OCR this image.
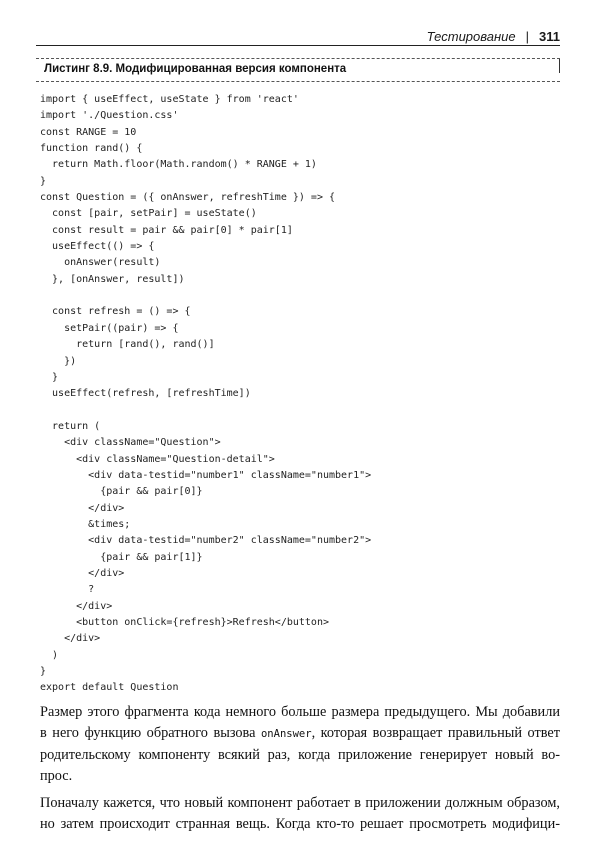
Тестирование | 311
Листинг 8.9. Модифицированная версия компонента
import { useEffect, useState } from 'react'
import './Question.css'
const RANGE = 10
function rand() {
return Math.floor(Math.random() * RANGE + 1)
}
const Question = ({ onAnswer, refreshTime }) => {
const [pair, setPair] = useState()
const result = pair && pair[0] * pair[1]
useEffect(() => {
onAnswer(result)
}, [onAnswer, result])
const refresh = () => {
setPair((pair) => {
return [rand(), rand()]
})
}
useEffect(refresh, [refreshTime])
return (
<div className="Question">
<div className="Question-detail">
<div data-testid="number1" className="number1">
{pair && pair[0]}
</div>
&times;
<div data-testid="number2" className="number2">
{pair && pair[1]}
</div>
?
</div>
<button onClick={refresh}>Refresh</button>
</div>
)
}
export default Question

Размер этого фрагмента кода немного больше размера предыдущего. Мы добавили
в него функцию обратного вызова onAnswer, которая возвращает правильный ответ
родительскому компоненту всякий раз, когда приложение генерирует новый во-
прос.

Поначалу кажется, что новый компонент работает в приложении должным образом,
но затем происходит странная вещь. Когда кто-то решает просмотреть модифици-
